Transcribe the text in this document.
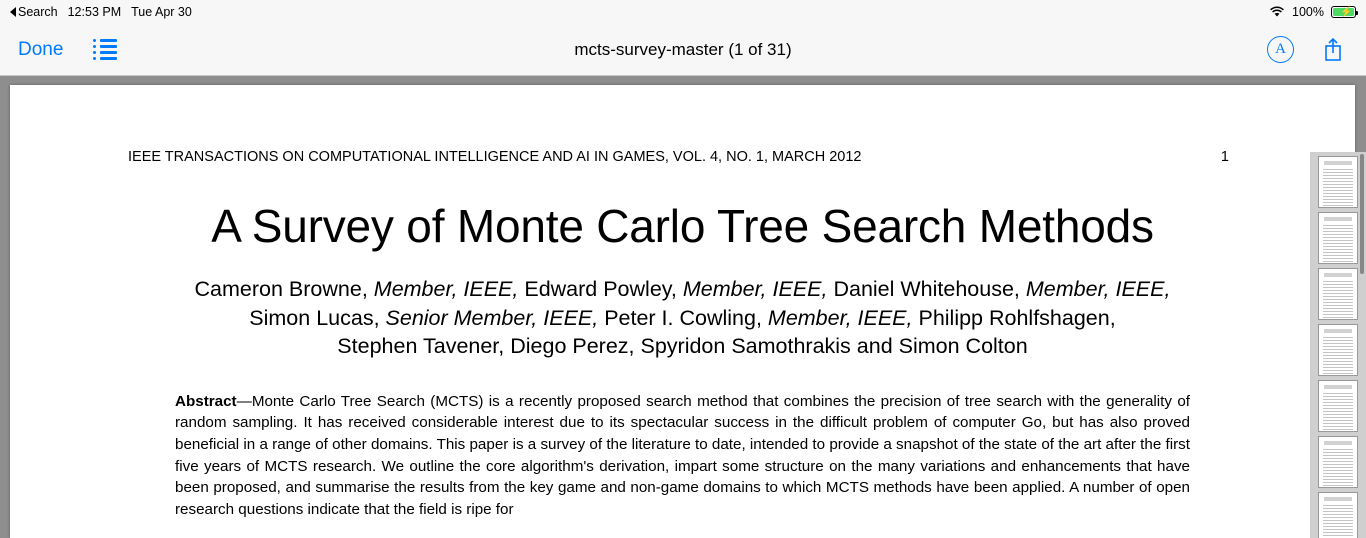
Search 12:53 PM Tue Apr 30	100% ⚡
Done	mcts-survey-master (1 of 31)	A
IEEE TRANSACTIONS ON COMPUTATIONAL INTELLIGENCE AND AI IN GAMES, VOL. 4, NO. 1, MARCH 2012	1
A Survey of Monte Carlo Tree Search Methods
Cameron Browne, Member, IEEE, Edward Powley, Member, IEEE, Daniel Whitehouse, Member, IEEE,
Simon Lucas, Senior Member, IEEE, Peter I. Cowling, Member, IEEE, Philipp Rohlfshagen,
Stephen Tavener, Diego Perez, Spyridon Samothrakis and Simon Colton
Abstract—Monte Carlo Tree Search (MCTS) is a recently proposed search method that combines the precision of tree search with the generality of random sampling. It has received considerable interest due to its spectacular success in the difficult problem of computer Go, but has also proved beneficial in a range of other domains. This paper is a survey of the literature to date, intended to provide a snapshot of the state of the art after the first five years of MCTS research. We outline the core algorithm's derivation, impart some structure on the many variations and enhancements that have been proposed, and summarise the results from the key game and non-game domains to which MCTS methods have been applied. A number of open research questions indicate that the field is ripe for
